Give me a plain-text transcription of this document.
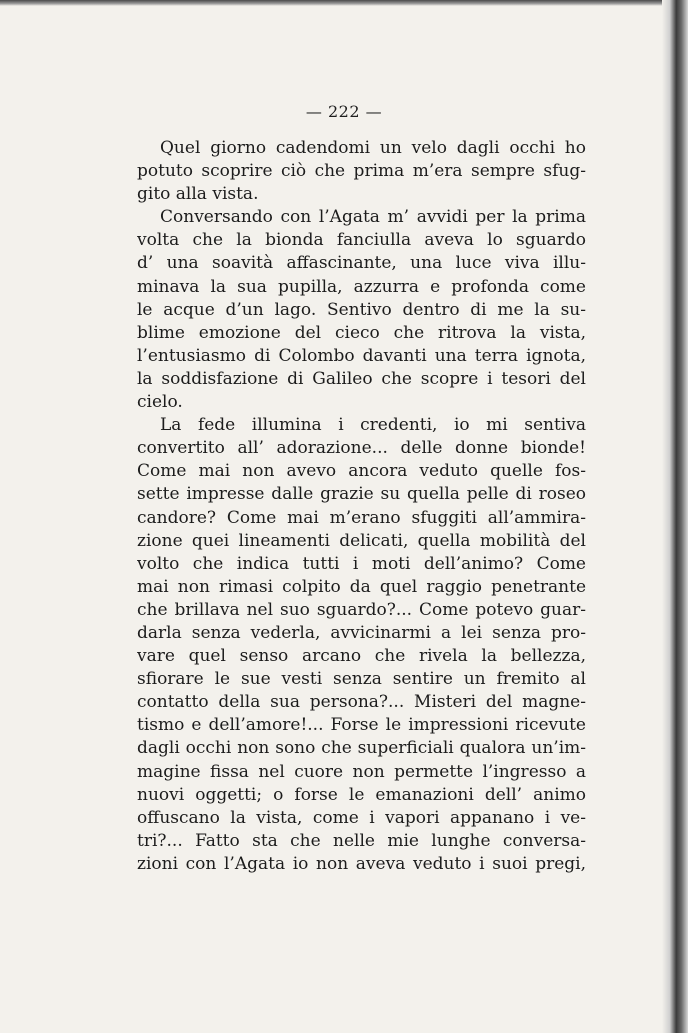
— 222 —
Quel giorno cadendomi un velo dagli occhi ho
potuto scoprire ciò che prima m’era sempre sfug-
gito alla vista.
Conversando con l’Agata m’ avvidi per la prima
volta che la bionda fanciulla aveva lo sguardo
d’ una soavità affascinante, una luce viva illu-
minava la sua pupilla, azzurra e profonda come
le acque d’un lago. Sentivo dentro di me la su-
blime emozione del cieco che ritrova la vista,
l’entusiasmo di Colombo davanti una terra ignota,
la soddisfazione di Galileo che scopre i tesori del
cielo.
La fede illumina i credenti, io mi sentiva
convertito all’ adorazione... delle donne bionde!
Come mai non avevo ancora veduto quelle fos-
sette impresse dalle grazie su quella pelle di roseo
candore? Come mai m’erano sfuggiti all’ammira-
zione quei lineamenti delicati, quella mobilità del
volto che indica tutti i moti dell’animo? Come
mai non rimasi colpito da quel raggio penetrante
che brillava nel suo sguardo?... Come potevo guar-
darla senza vederla, avvicinarmi a lei senza pro-
vare quel senso arcano che rivela la bellezza,
sfiorare le sue vesti senza sentire un fremito al
contatto della sua persona?... Misteri del magne-
tismo e dell’amore!... Forse le impressioni ricevute
dagli occhi non sono che superficiali qualora un’im-
magine fissa nel cuore non permette l’ingresso a
nuovi oggetti; o forse le emanazioni dell’ animo
offuscano la vista, come i vapori appanano i ve-
tri?... Fatto sta che nelle mie lunghe conversa-
zioni con l’Agata io non aveva veduto i suoi pregi,
